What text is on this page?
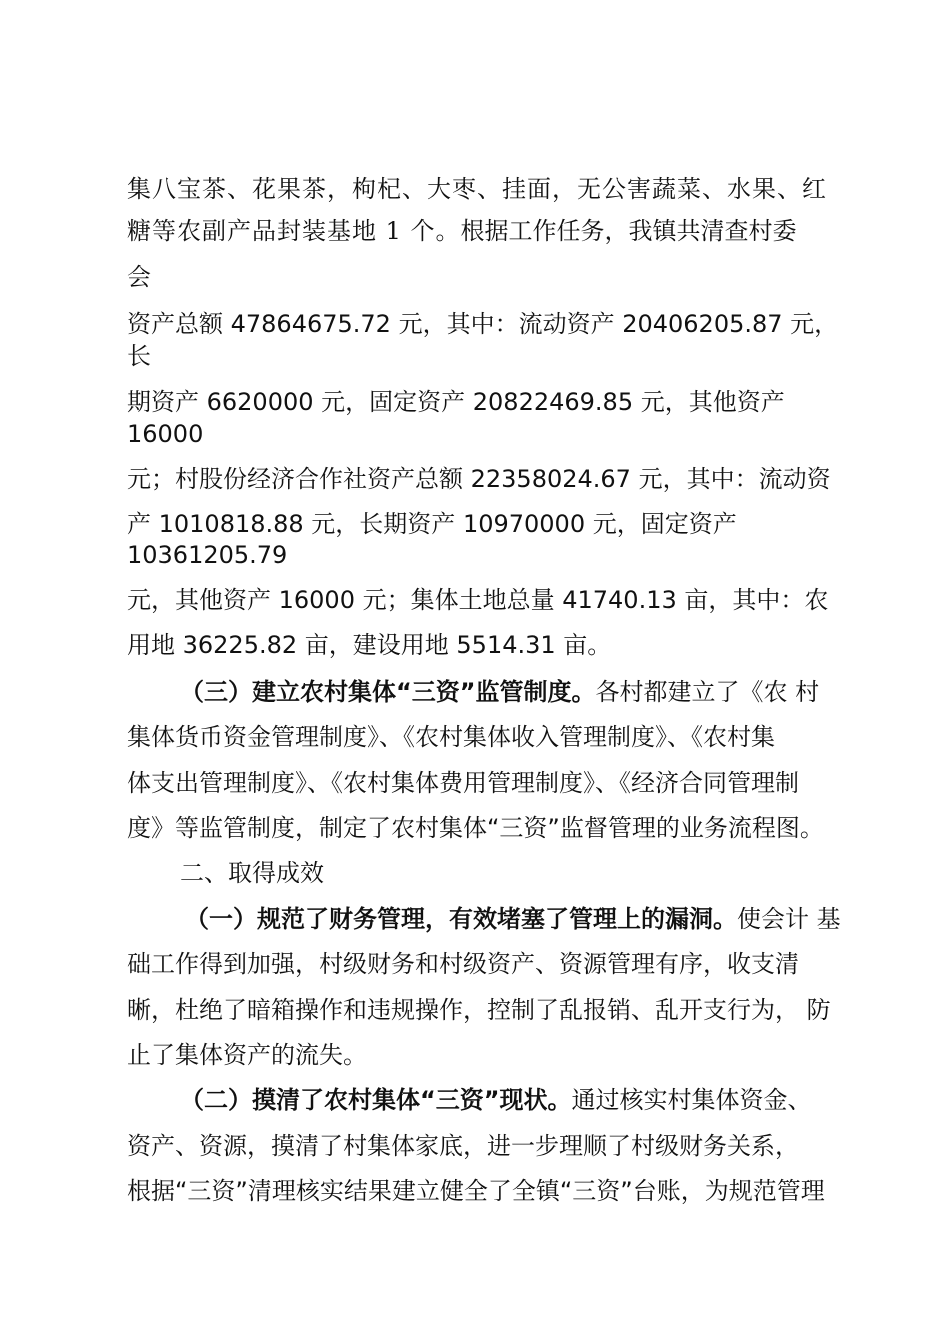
集八宝茶、花果茶，枸杞、大枣、挂面，无公害蔬菜、水果、红

糖等农副产品封装基地 1 个。根据工作任务，我镇共清查村委

会

资产总额 47864675.72 元，其中：流动资产 20406205.87 元，

长

期资产 6620000 元，固定资产 20822469.85 元，其他资产

16000

元；村股份经济合作社资产总额 22358024.67 元，其中：流动资

产 1010818.88 元，长期资产 10970000 元，固定资产

10361205.79

元，其他资产 16000 元；集体土地总量 41740.13 亩，其中：农

用地 36225.82 亩，建设用地 5514.31 亩。

（三）建立农村集体“三资”监管制度。各村都建立了《农 村

集体货币资金管理制度》、《农村集体收入管理制度》、《农村集

体支出管理制度》、《农村集体费用管理制度》、《经济合同管理制

度》等监管制度，制定了农村集体“三资”监督管理的业务流程图。

二、取得成效

（一）规范了财务管理，有效堵塞了管理上的漏洞。使会计 基

础工作得到加强，村级财务和村级资产、资源管理有序，收支清

晰，杜绝了暗箱操作和违规操作，控制了乱报销、乱开支行为， 防

止了集体资产的流失。

（二）摸清了农村集体“三资”现状。通过核实村集体资金、

资产、资源，摸清了村集体家底，进一步理顺了村级财务关系，

根据“三资”清理核实结果建立健全了全镇“三资”台账，为规范管理
